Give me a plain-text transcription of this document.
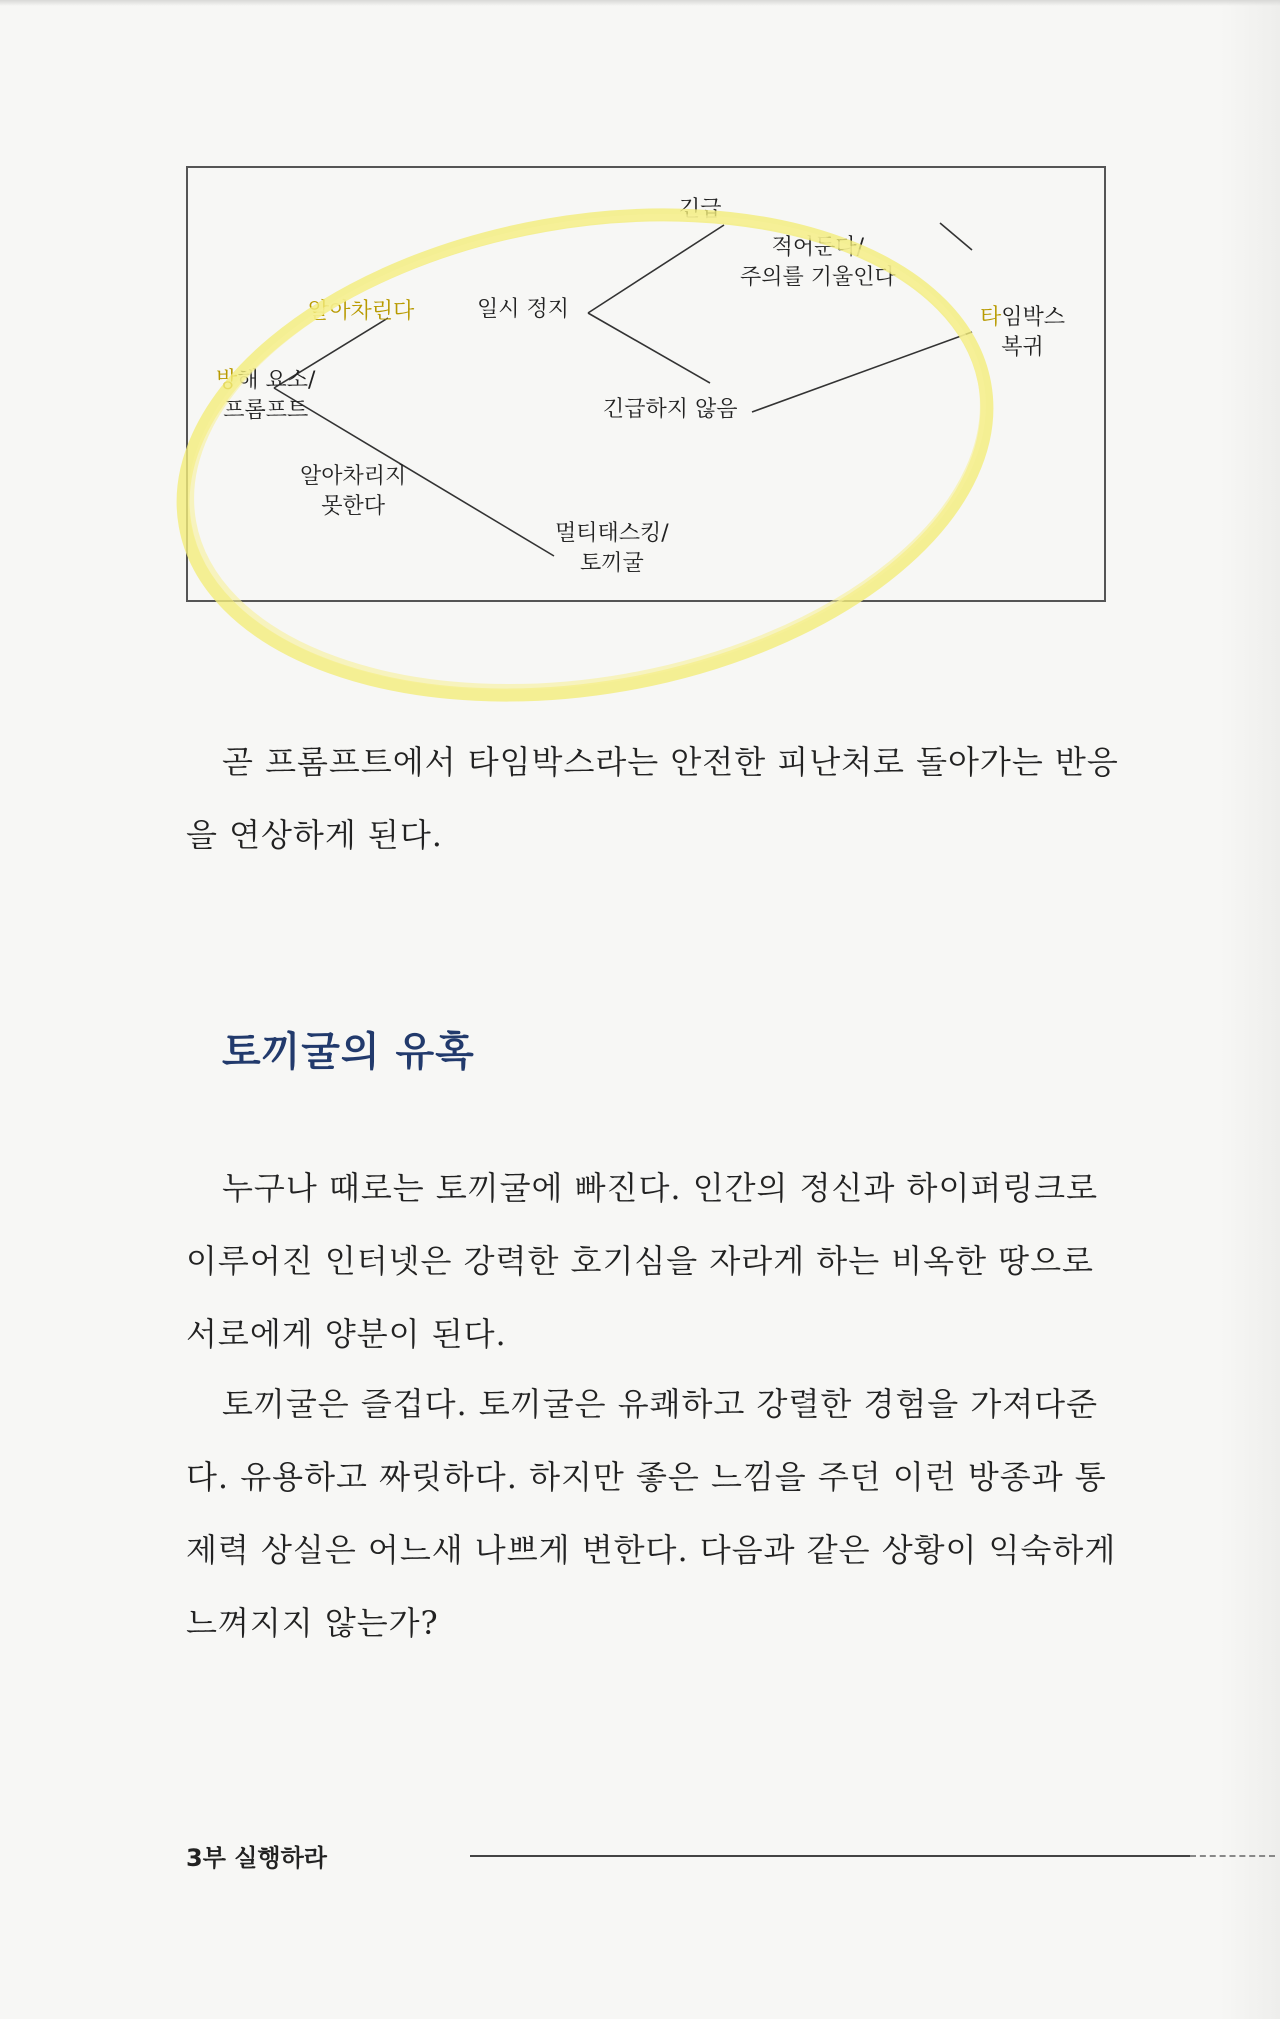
방해 요소/
프롬프트
알아차린다
알아차리지
못한다
일시 정지
긴급
적어둔다/
주의를 기울인다
긴급하지 않음
멀티태스킹/
토끼굴
타임박스
복귀
곧 프롬프트에서 타임박스라는 안전한 피난처로 돌아가는 반응
을 연상하게 된다.
토끼굴의 유혹
누구나 때로는 토끼굴에 빠진다. 인간의 정신과 하이퍼링크로
이루어진 인터넷은 강력한 호기심을 자라게 하는 비옥한 땅으로
서로에게 양분이 된다.
토끼굴은 즐겁다. 토끼굴은 유쾌하고 강렬한 경험을 가져다준
다. 유용하고 짜릿하다. 하지만 좋은 느낌을 주던 이런 방종과 통
제력 상실은 어느새 나쁘게 변한다. 다음과 같은 상황이 익숙하게
느껴지지 않는가?
3부 실행하라
